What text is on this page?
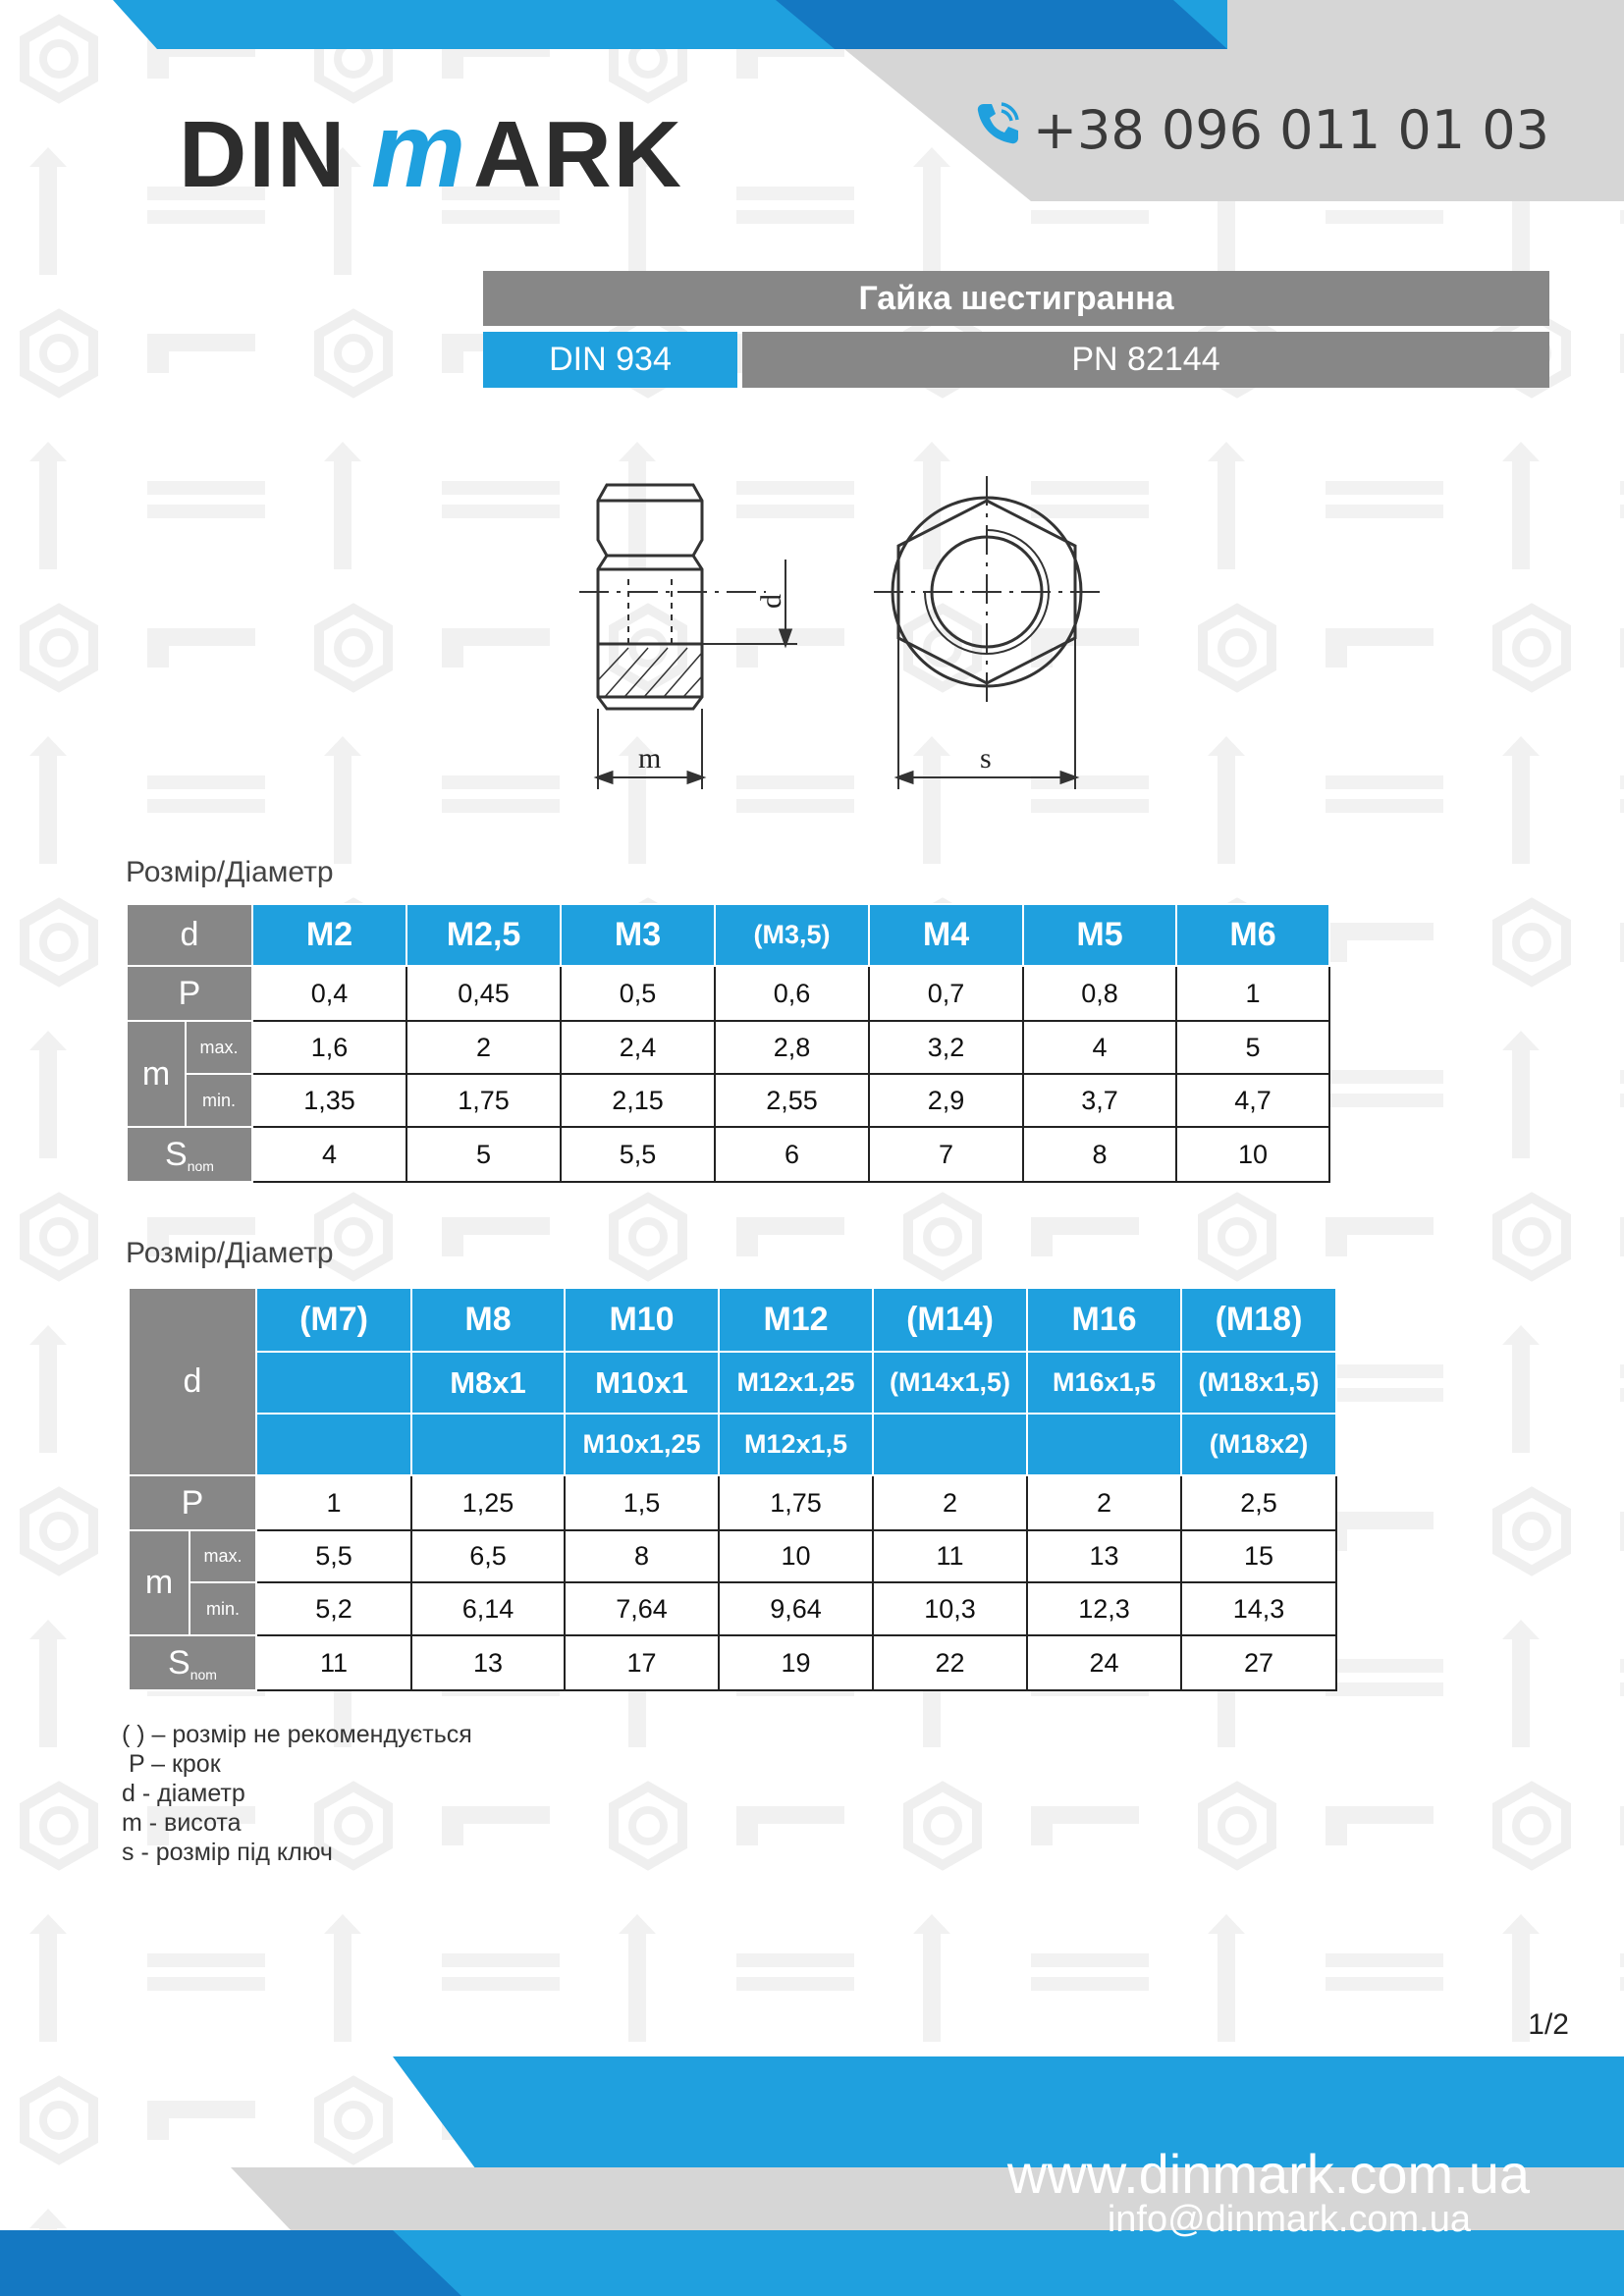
DIN m ARK	+38 096 011 01 03
Гайка шестигранна
DIN 934	PN 82144
d
m	s
Розмір/Діаметр
d		M2	M2,5	M3	(M3,5)	M4	M5	M6
P		0,4	0,45	0,5	0,6	0,7	0,8	1
m	max.	1,6	2	2,4	2,8	3,2	4	5
	min.	1,35	1,75	2,15	2,55	2,9	3,7	4,7
$S_{nom}$		4	5	5,5	6	7	8	10
Розмір/Діаметр
d		(M7)	M8	M10	M12	(M14)	M16	(M18)
			M8x1	M10x1	M12x1,25	(M14x1,5)	M16x1,5	(M18x1,5)
				M10x1,25	M12x1,5			(M18x2)
P		1	1,25	1,5	1,75	2	2	2,5
m	max.	5,5	6,5	8	10	11	13	15
	min.	5,2	6,14	7,64	9,64	10,3	12,3	14,3
$S_{nom}$		11	13	17	19	22	24	27
( ) – розмір не рекомендується
P – крок
d - діаметр
m - висота
s - розмір під ключ
1/2
www.dinmark.com.ua
info@dinmark.com.ua
